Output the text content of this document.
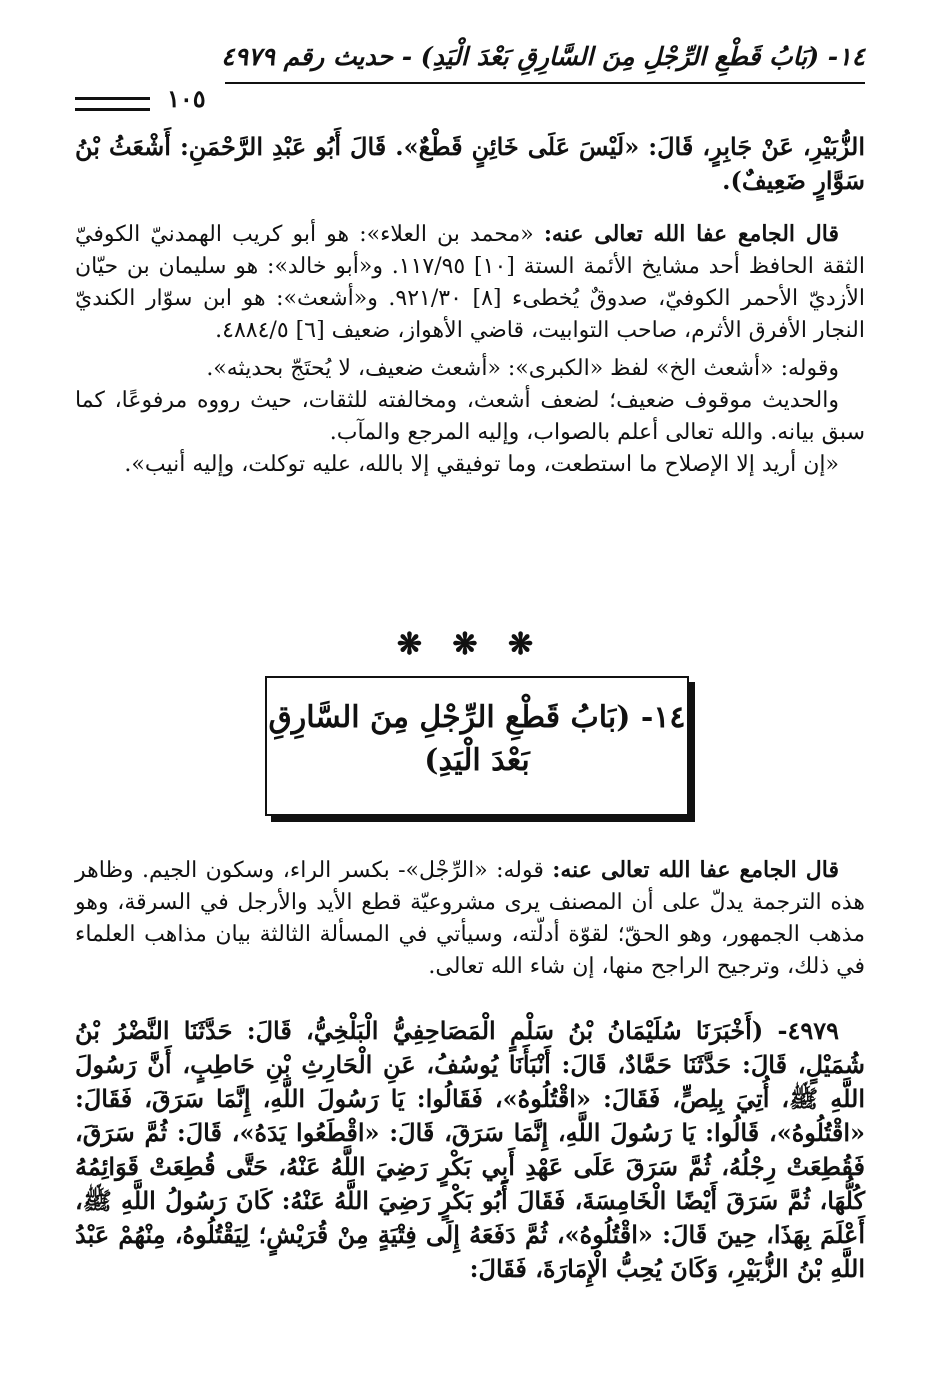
١٤- (بَابُ قَطْعِ الرِّجْلِ مِنَ السَّارِقِ بَعْدَ الْيَدِ) - حديث رقم ٤٩٧٩
١٠٥

الزُّبَيْرِ، عَنْ جَابِرٍ، قَالَ: «لَيْسَ عَلَى خَائِنٍ قَطْعٌ». قَالَ أَبُو عَبْدِ الرَّحْمَنِ: أَشْعَثُ بْنُ سَوَّارٍ ضَعِيفٌ).

قال الجامع عفا الله تعالى عنه: «محمد بن العلاء»: هو أبو كريب الهمدنيّ الكوفيّ الثقة الحافظ أحد مشايخ الأئمة الستة [١٠] ١١٧/٩٥. و«أبو خالد»: هو سليمان بن حيّان الأزديّ الأحمر الكوفيّ، صدوقٌ يُخطىء [٨] ٩٢١/٣٠. و«أشعث»: هو ابن سوّار الكنديّ النجار الأفرق الأثرم، صاحب التوابيت، قاضي الأهواز، ضعيف [٦] ٤٨٨٤/٥.

وقوله: «أشعث الخ» لفظ «الكبرى»: «أشعث ضعيف، لا يُحتَجّ بحديثه».

والحديث موقوف ضعيف؛ لضعف أشعث، ومخالفته للثقات، حيث رووه مرفوعًا، كما سبق بيانه. والله تعالى أعلم بالصواب، وإليه المرجع والمآب.

«إن أريد إلا الإصلاح ما استطعت، وما توفيقي إلا بالله، عليه توكلت، وإليه أنيب».

❋ ❋ ❋
١٤- (بَابُ قَطْعِ الرِّجْلِ مِنَ السَّارِقِ
بَعْدَ الْيَدِ)

قال الجامع عفا الله تعالى عنه: قوله: «الرِّجْل»- بكسر الراء، وسكون الجيم. وظاهر هذه الترجمة يدلّ على أن المصنف يرى مشروعيّة قطع الأيد والأرجل في السرقة، وهو مذهب الجمهور، وهو الحقّ؛ لقوّة أدلّته، وسيأتي في المسألة الثالثة بيان مذاهب العلماء في ذلك، وترجيح الراجح منها، إن شاء الله تعالى.

٤٩٧٩- (أَخْبَرَنَا سُلَيْمَانُ بْنُ سَلْمٍ الْمَصَاحِفِيُّ الْبَلْخِيُّ، قَالَ: حَدَّثَنَا النَّضْرُ بْنُ شُمَيْلٍ، قَالَ: حَدَّثَنَا حَمَّادٌ، قَالَ: أَنْبَأَنَا يُوسُفُ، عَنِ الْحَارِثِ بْنِ حَاطِبٍ، أَنَّ رَسُولَ اللَّهِ ﷺ، أُتِيَ بِلِصٍّ، فَقَالَ: «اقْتُلُوهُ»، فَقَالُوا: يَا رَسُولَ اللَّهِ، إِنَّمَا سَرَقَ، فَقَالَ: «اقْتُلُوهُ»، قَالُوا: يَا رَسُولَ اللَّهِ، إِنَّمَا سَرَقَ، قَالَ: «اقْطَعُوا يَدَهُ»، قَالَ: ثُمَّ سَرَقَ، فَقُطِعَتْ رِجْلُهُ، ثُمَّ سَرَقَ عَلَى عَهْدِ أَبِي بَكْرٍ رَضِيَ اللَّهُ عَنْهُ، حَتَّى قُطِعَتْ قَوَائِمُهُ كُلُّهَا، ثُمَّ سَرَقَ أَيْضًا الْخَامِسَةَ، فَقَالَ أَبُو بَكْرٍ رَضِيَ اللَّهُ عَنْهُ: كَانَ رَسُولُ اللَّهِ ﷺ، أَعْلَمَ بِهَذَا، حِينَ قَالَ: «اقْتُلُوهُ»، ثُمَّ دَفَعَهُ إِلَى فِتْيَةٍ مِنْ قُرَيْشٍ؛ لِيَقْتُلُوهُ، مِنْهُمْ عَبْدُ اللَّهِ بْنُ الزُّبَيْرِ، وَكَانَ يُحِبُّ الْإِمَارَةَ، فَقَالَ:
